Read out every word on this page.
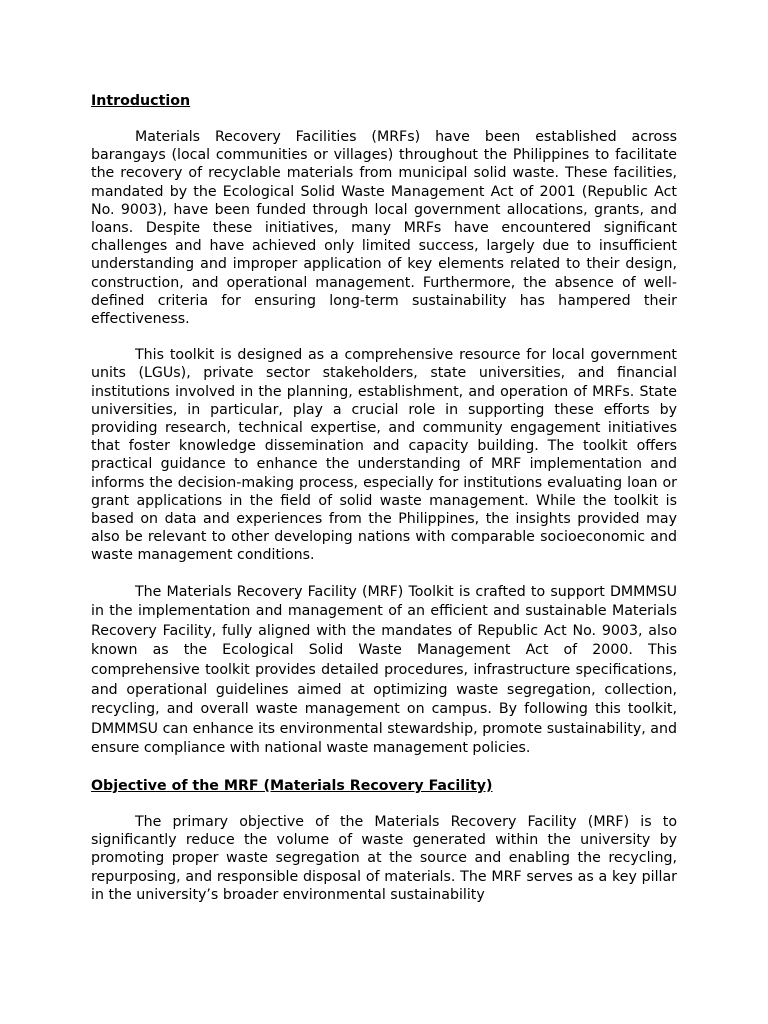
Introduction

Materials Recovery Facilities (MRFs) have been established across barangays (local communities or villages) throughout the Philippines to facilitate the recovery of recyclable materials from municipal solid waste. These facilities, mandated by the Ecological Solid Waste Management Act of 2001 (Republic Act No. 9003), have been funded through local government allocations, grants, and loans. Despite these initiatives, many MRFs have encountered significant challenges and have achieved only limited success, largely due to insufficient understanding and improper application of key elements related to their design, construction, and operational management. Furthermore, the absence of well-defined criteria for ensuring long-term sustainability has hampered their effectiveness.

This toolkit is designed as a comprehensive resource for local government units (LGUs), private sector stakeholders, state universities, and financial institutions involved in the planning, establishment, and operation of MRFs. State universities, in particular, play a crucial role in supporting these efforts by providing research, technical expertise, and community engagement initiatives that foster knowledge dissemination and capacity building. The toolkit offers practical guidance to enhance the understanding of MRF implementation and informs the decision-making process, especially for institutions evaluating loan or grant applications in the field of solid waste management. While the toolkit is based on data and experiences from the Philippines, the insights provided may also be relevant to other developing nations with comparable socioeconomic and waste management conditions.

The Materials Recovery Facility (MRF) Toolkit is crafted to support DMMMSU in the implementation and management of an efficient and sustainable Materials Recovery Facility, fully aligned with the mandates of Republic Act No. 9003, also known as the Ecological Solid Waste Management Act of 2000. This comprehensive toolkit provides detailed procedures, infrastructure specifications, and operational guidelines aimed at optimizing waste segregation, collection, recycling, and overall waste management on campus. By following this toolkit, DMMMSU can enhance its environmental stewardship, promote sustainability, and ensure compliance with national waste management policies.

Objective of the MRF (Materials Recovery Facility)

The primary objective of the Materials Recovery Facility (MRF) is to significantly reduce the volume of waste generated within the university by promoting proper waste segregation at the source and enabling the recycling, repurposing, and responsible disposal of materials. The MRF serves as a key pillar in the university’s broader environmental sustainability
